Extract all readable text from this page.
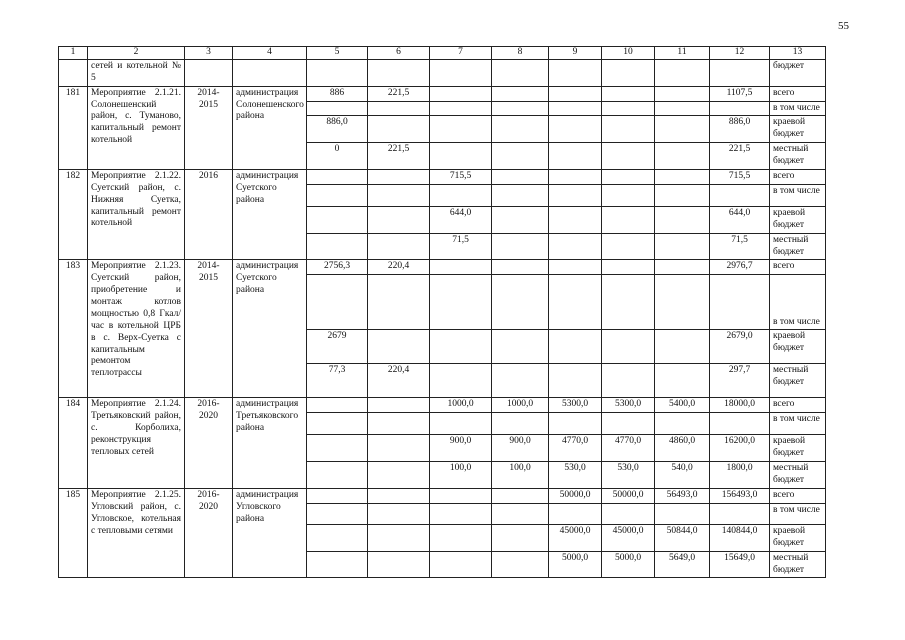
55
1	2	3	4	5	6	7	8	9	10	11	12	13
	сетей и котельной № 5											бюджет
181	Мероприятие 2.1.21. Солонешенский район, с. Туманово, капитальный ремонт котельной	2014-2015	администрация Солонешенского района	886	221,5						1107,5	всего
												в том числе
				886,0							886,0	краевой бюджет
				0	221,5						221,5	местный бюджет
182	Мероприятие 2.1.22. Суетский район, с. Нижняя Суетка, капитальный ремонт котельной	2016	администрация Суетского района			715,5					715,5	всего
												в том числе
						644,0					644,0	краевой бюджет
						71,5					71,5	местный бюджет
183	Мероприятие 2.1.23. Суетский район, приобретение и монтаж котлов мощностью 0,8 Гкал/час в котельной ЦРБ в с. Верх-Суетка с капитальным ремонтом теплотрассы	2014-2015	администрация Суетского района	2756,3	220,4						2976,7	всего
												в том числе
				2679							2679,0	краевой бюджет
				77,3	220,4						297,7	местный бюджет
184	Мероприятие 2.1.24. Третьяковский район, с. Корболиха, реконструкция тепловых сетей	2016-2020	администрация Третьяковского района			1000,0	1000,0	5300,0	5300,0	5400,0	18000,0	всего
												в том числе
						900,0	900,0	4770,0	4770,0	4860,0	16200,0	краевой бюджет
						100,0	100,0	530,0	530,0	540,0	1800,0	местный бюджет
185	Мероприятие 2.1.25. Угловский район, с. Угловское, котельная с тепловыми сетями	2016-2020	администрация Угловского района					50000,0	50000,0	56493,0	156493,0	всего
												в том числе
								45000,0	45000,0	50844,0	140844,0	краевой бюджет
								5000,0	5000,0	5649,0	15649,0	местный бюджет
